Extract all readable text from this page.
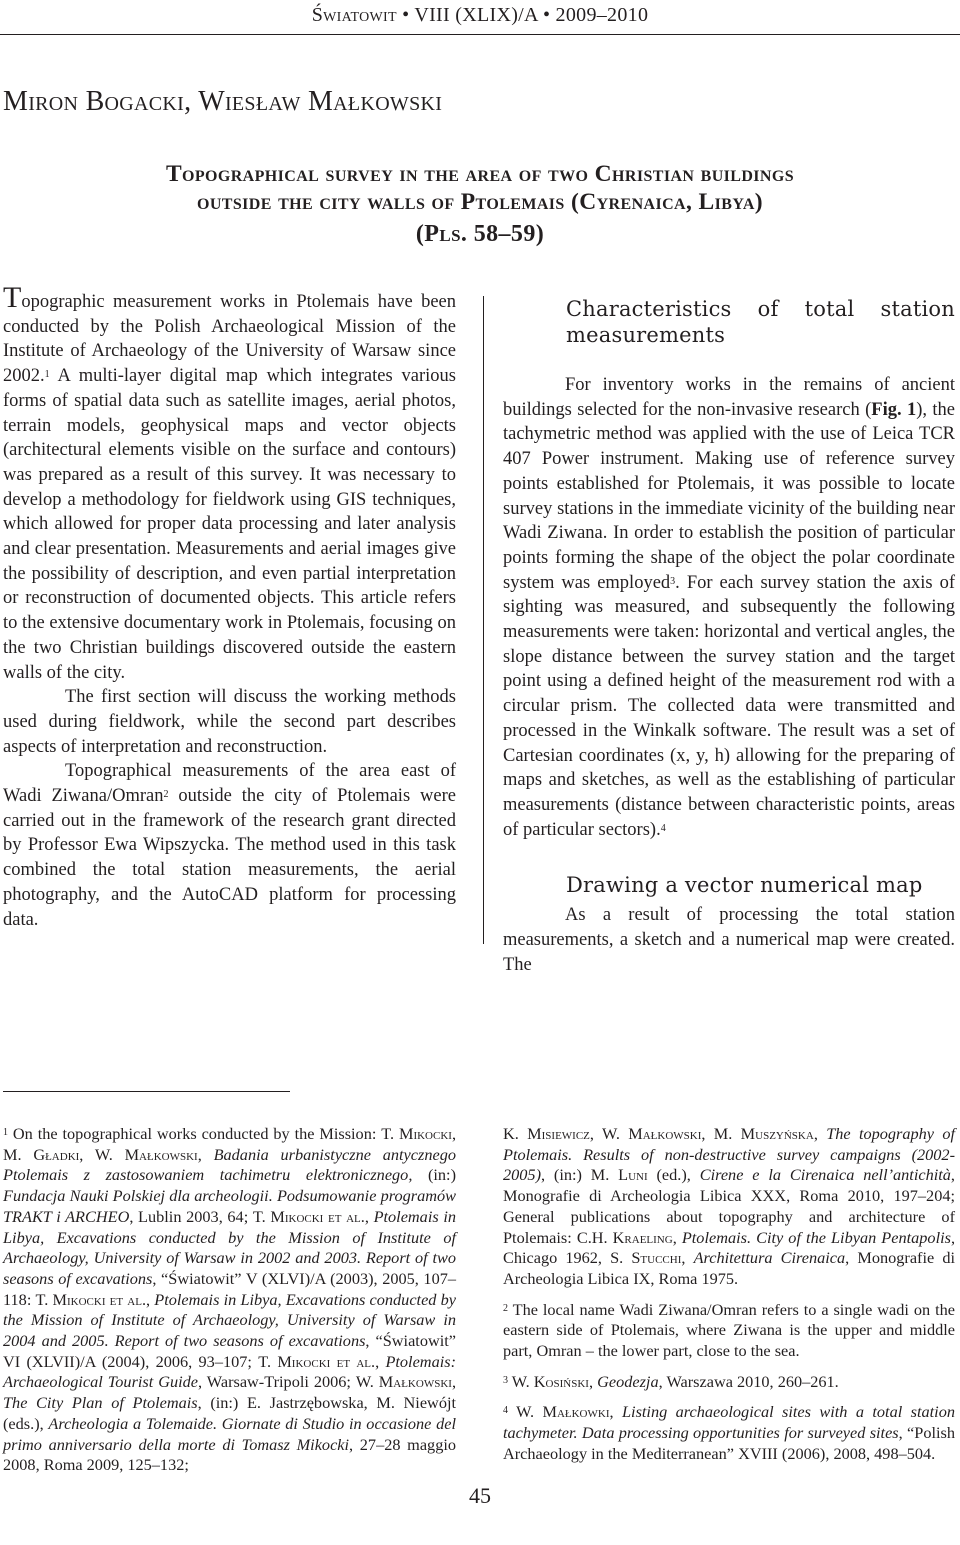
Światowit • VIII (XLIX)/A • 2009–2010
Miron Bogacki, Wiesław Małkowski
Topographical survey in the area of two Christian buildings
outside the city walls of Ptolemais (Cyrenaica, Libya)
(Pls. 58–59)

Topographic measurement works in Ptolemais have been conducted by the Polish Archaeological Mission of the Institute of Archaeology of the University of Warsaw since 2002.$^1$ A multi-layer digital map which integrates various forms of spatial data such as satellite images, aerial photos, terrain models, geophysical maps and vector objects (architectural elements visible on the surface and contours) was prepared as a result of this survey. It was necessary to develop a methodology for fieldwork using GIS techniques, which allowed for proper data processing and later analysis and clear presentation. Measurements and aerial images give the possibility of description, and even partial interpretation or reconstruction of documented objects. This article refers to the extensive documentary work in Ptolemais, focusing on the two Christian buildings discovered outside the eastern walls of the city.

The first section will discuss the working methods used during fieldwork, while the second part describes aspects of interpretation and reconstruction.

Topographical measurements of the area east of Wadi Ziwana/Omran$^2$ outside the city of Ptolemais were carried out in the framework of the research grant directed by Professor Ewa Wipszycka. The method used in this task combined the total station measurements, the aerial photography, and the AutoCAD platform for processing data.

Characteristics of total station measurements

For inventory works in the remains of ancient buildings selected for the non-invasive research (Fig. 1), the tachymetric method was applied with the use of Leica TCR 407 Power instrument. Making use of reference survey points established for Ptolemais, it was possible to locate survey stations in the immediate vicinity of the building near Wadi Ziwana. In order to establish the position of particular points forming the shape of the object the polar coordinate system was employed$^3$. For each survey station the axis of sighting was measured, and subsequently the following measurements were taken: horizontal and vertical angles, the slope distance between the survey station and the target point using a defined height of the measurement rod with a circular prism. The collected data were transmitted and processed in the Winkalk software. The result was a set of Cartesian coordinates (x, y, h) allowing for the preparing of maps and sketches, as well as the establishing of particular measurements (distance between characteristic points, areas of particular sectors).$^4$

Drawing a vector numerical map

As a result of processing the total station measurements, a sketch and a numerical map were created. The

$^1$ On the topographical works conducted by the Mission: T. Mikocki, M. Gładki, W. Małkowski, Badania urbanistyczne antycznego Ptolemais z zastosowaniem tachimetru elektronicznego, (in:) Fundacja Nauki Polskiej dla archeologii. Podsumowanie programów TRAKT i ARCHEO, Lublin 2003, 64; T. Mikocki et al., Ptolemais in Libya, Excavations conducted by the Mission of Institute of Archaeology, University of Warsaw in 2002 and 2003. Report of two seasons of excavations, “Światowit” V (XLVI)/A (2003), 2005, 107–118: T. Mikocki et al., Ptolemais in Libya, Excavations conducted by the Mission of Institute of Archaeology, University of Warsaw in 2004 and 2005. Report of two seasons of excavations, “Światowit” VI (XLVII)/A (2004), 2006, 93–107; T. Mikocki et al., Ptolemais: Archaeological Tourist Guide, Warsaw-Tripoli 2006; W. Małkowski, The City Plan of Ptolemais, (in:) E. Jastrzębowska, M. Niewójt (eds.), Archeologia a Tolemaide. Giornate di Studio in occasione del primo anniversario della morte di Tomasz Mikocki, 27–28 maggio 2008, Roma 2009, 125–132;

K. Misiewicz, W. Małkowski, M. Muszyńska, The topography of Ptolemais. Results of non-destructive survey campaigns (2002-2005), (in:) M. Luni (ed.), Cirene e la Cirenaica nell’antichità, Monografie di Archeologia Libica XXX, Roma 2010, 197–204; General publications about topography and architecture of Ptolemais: C.H. Kraeling, Ptolemais. City of the Libyan Pentapolis, Chicago 1962, S. Stucchi, Architettura Cirenaica, Monografie di Archeologia Libica IX, Roma 1975.

$^2$ The local name Wadi Ziwana/Omran refers to a single wadi on the eastern side of Ptolemais, where Ziwana is the upper and middle part, Omran – the lower part, close to the sea.

$^3$ W. Kosiński, Geodezja, Warszawa 2010, 260–261.

$^4$ W. Małkowki, Listing archaeological sites with a total station tachymeter. Data processing opportunities for surveyed sites, “Polish Archaeology in the Mediterranean” XVIII (2006), 2008, 498–504.

45
